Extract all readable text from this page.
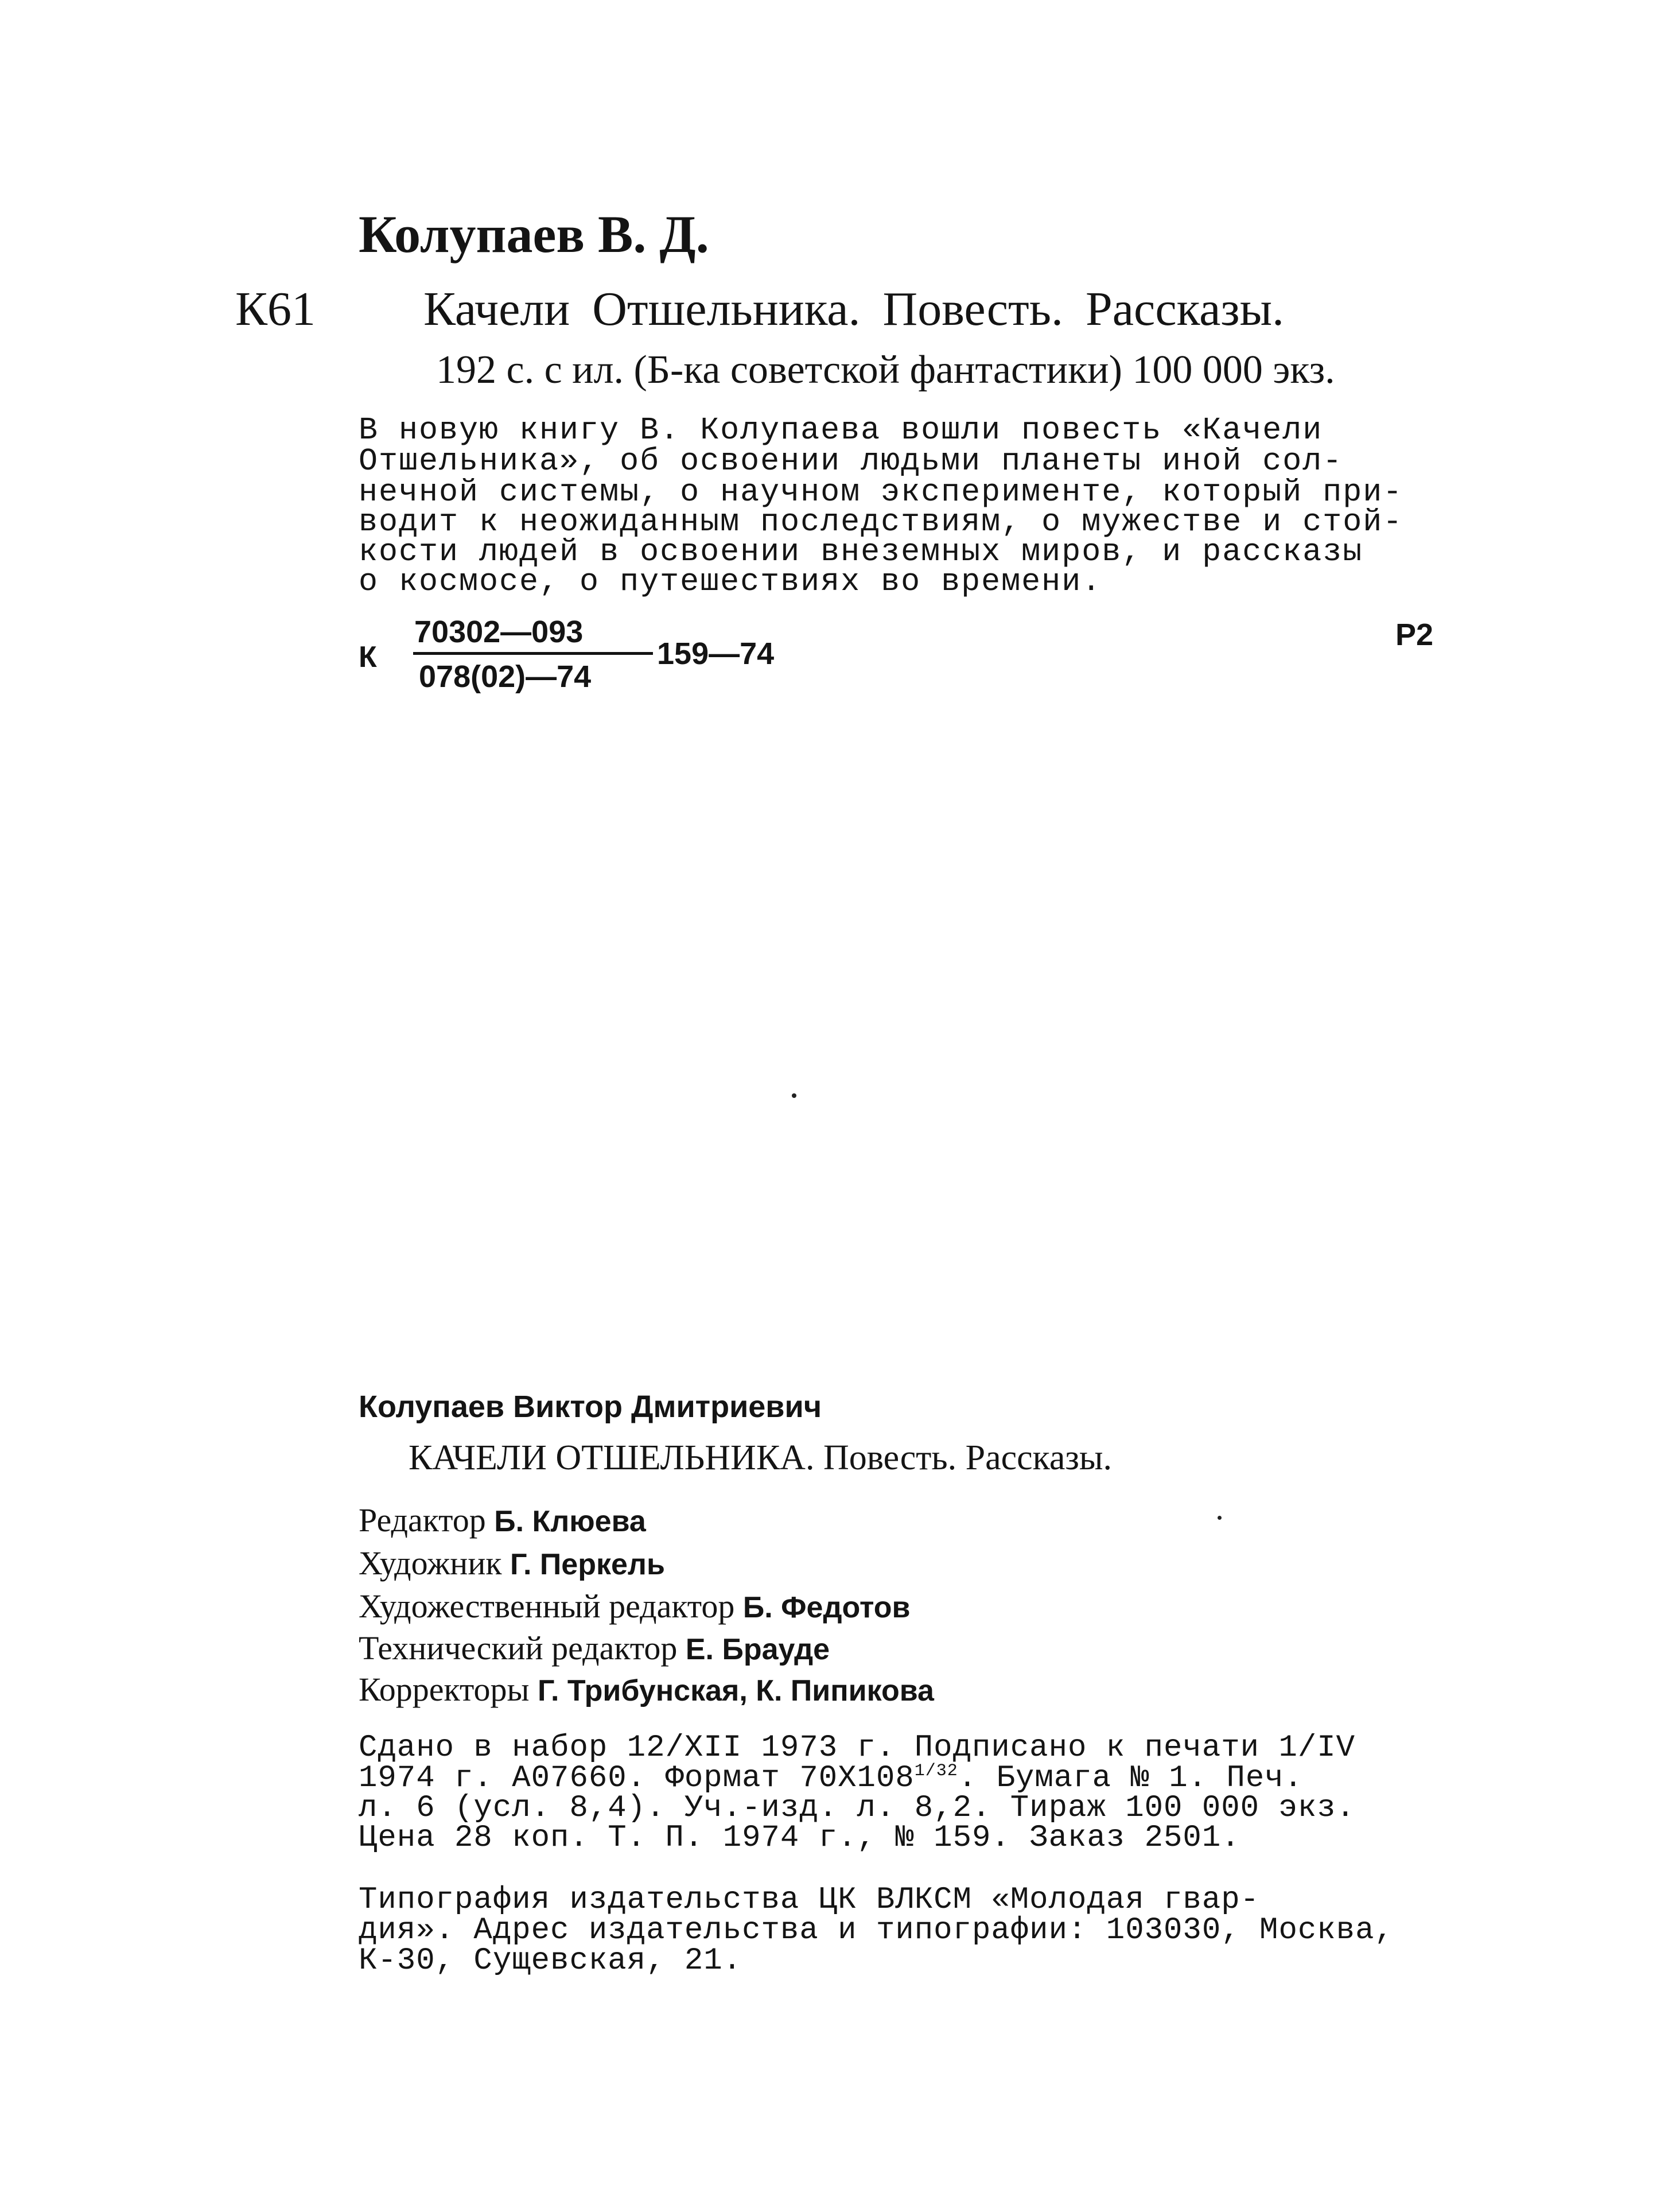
Колупаев В. Д.
К61 Качели Отшельника. Повесть. Рассказы.
192 с. с ил. (Б-ка советской фантастики) 100 000 экз.
В новую книгу В. Колупаева вошли повесть «Качели
Отшельника», об освоении людьми планеты иной сол-
нечной системы, о научном эксперименте, который при-
водит к неожиданным последствиям, о мужестве и стой-
кости людей в освоении внеземных миров, и рассказы
о космосе, о путешествиях во времени.
К
70302—093
078(02)—74
159—74
Р2
Колупаев Виктор Дмитриевич
КАЧЕЛИ ОТШЕЛЬНИКА. Повесть. Рассказы.
Редактор Б. Клюева
Художник Г. Перкель
Художественный редактор Б. Федотов
Технический редактор Е. Брауде
Корректоры Г. Трибунская, К. Пипикова
Сдано в набор 12/XII 1973 г. Подписано к печати 1/IV
1974 г. А07660. Формат $70Х108^{1/32}$. Бумага № 1. Печ.
л. 6 (усл. 8,4). Уч.-изд. л. 8,2. Тираж 100 000 экз.
Цена 28 коп. Т. П. 1974 г., № 159. Заказ 2501.
Типография издательства ЦК ВЛКСМ «Молодая гвар-
дия». Адрес издательства и типографии: 103030, Москва,
К-30, Сущевская, 21.
